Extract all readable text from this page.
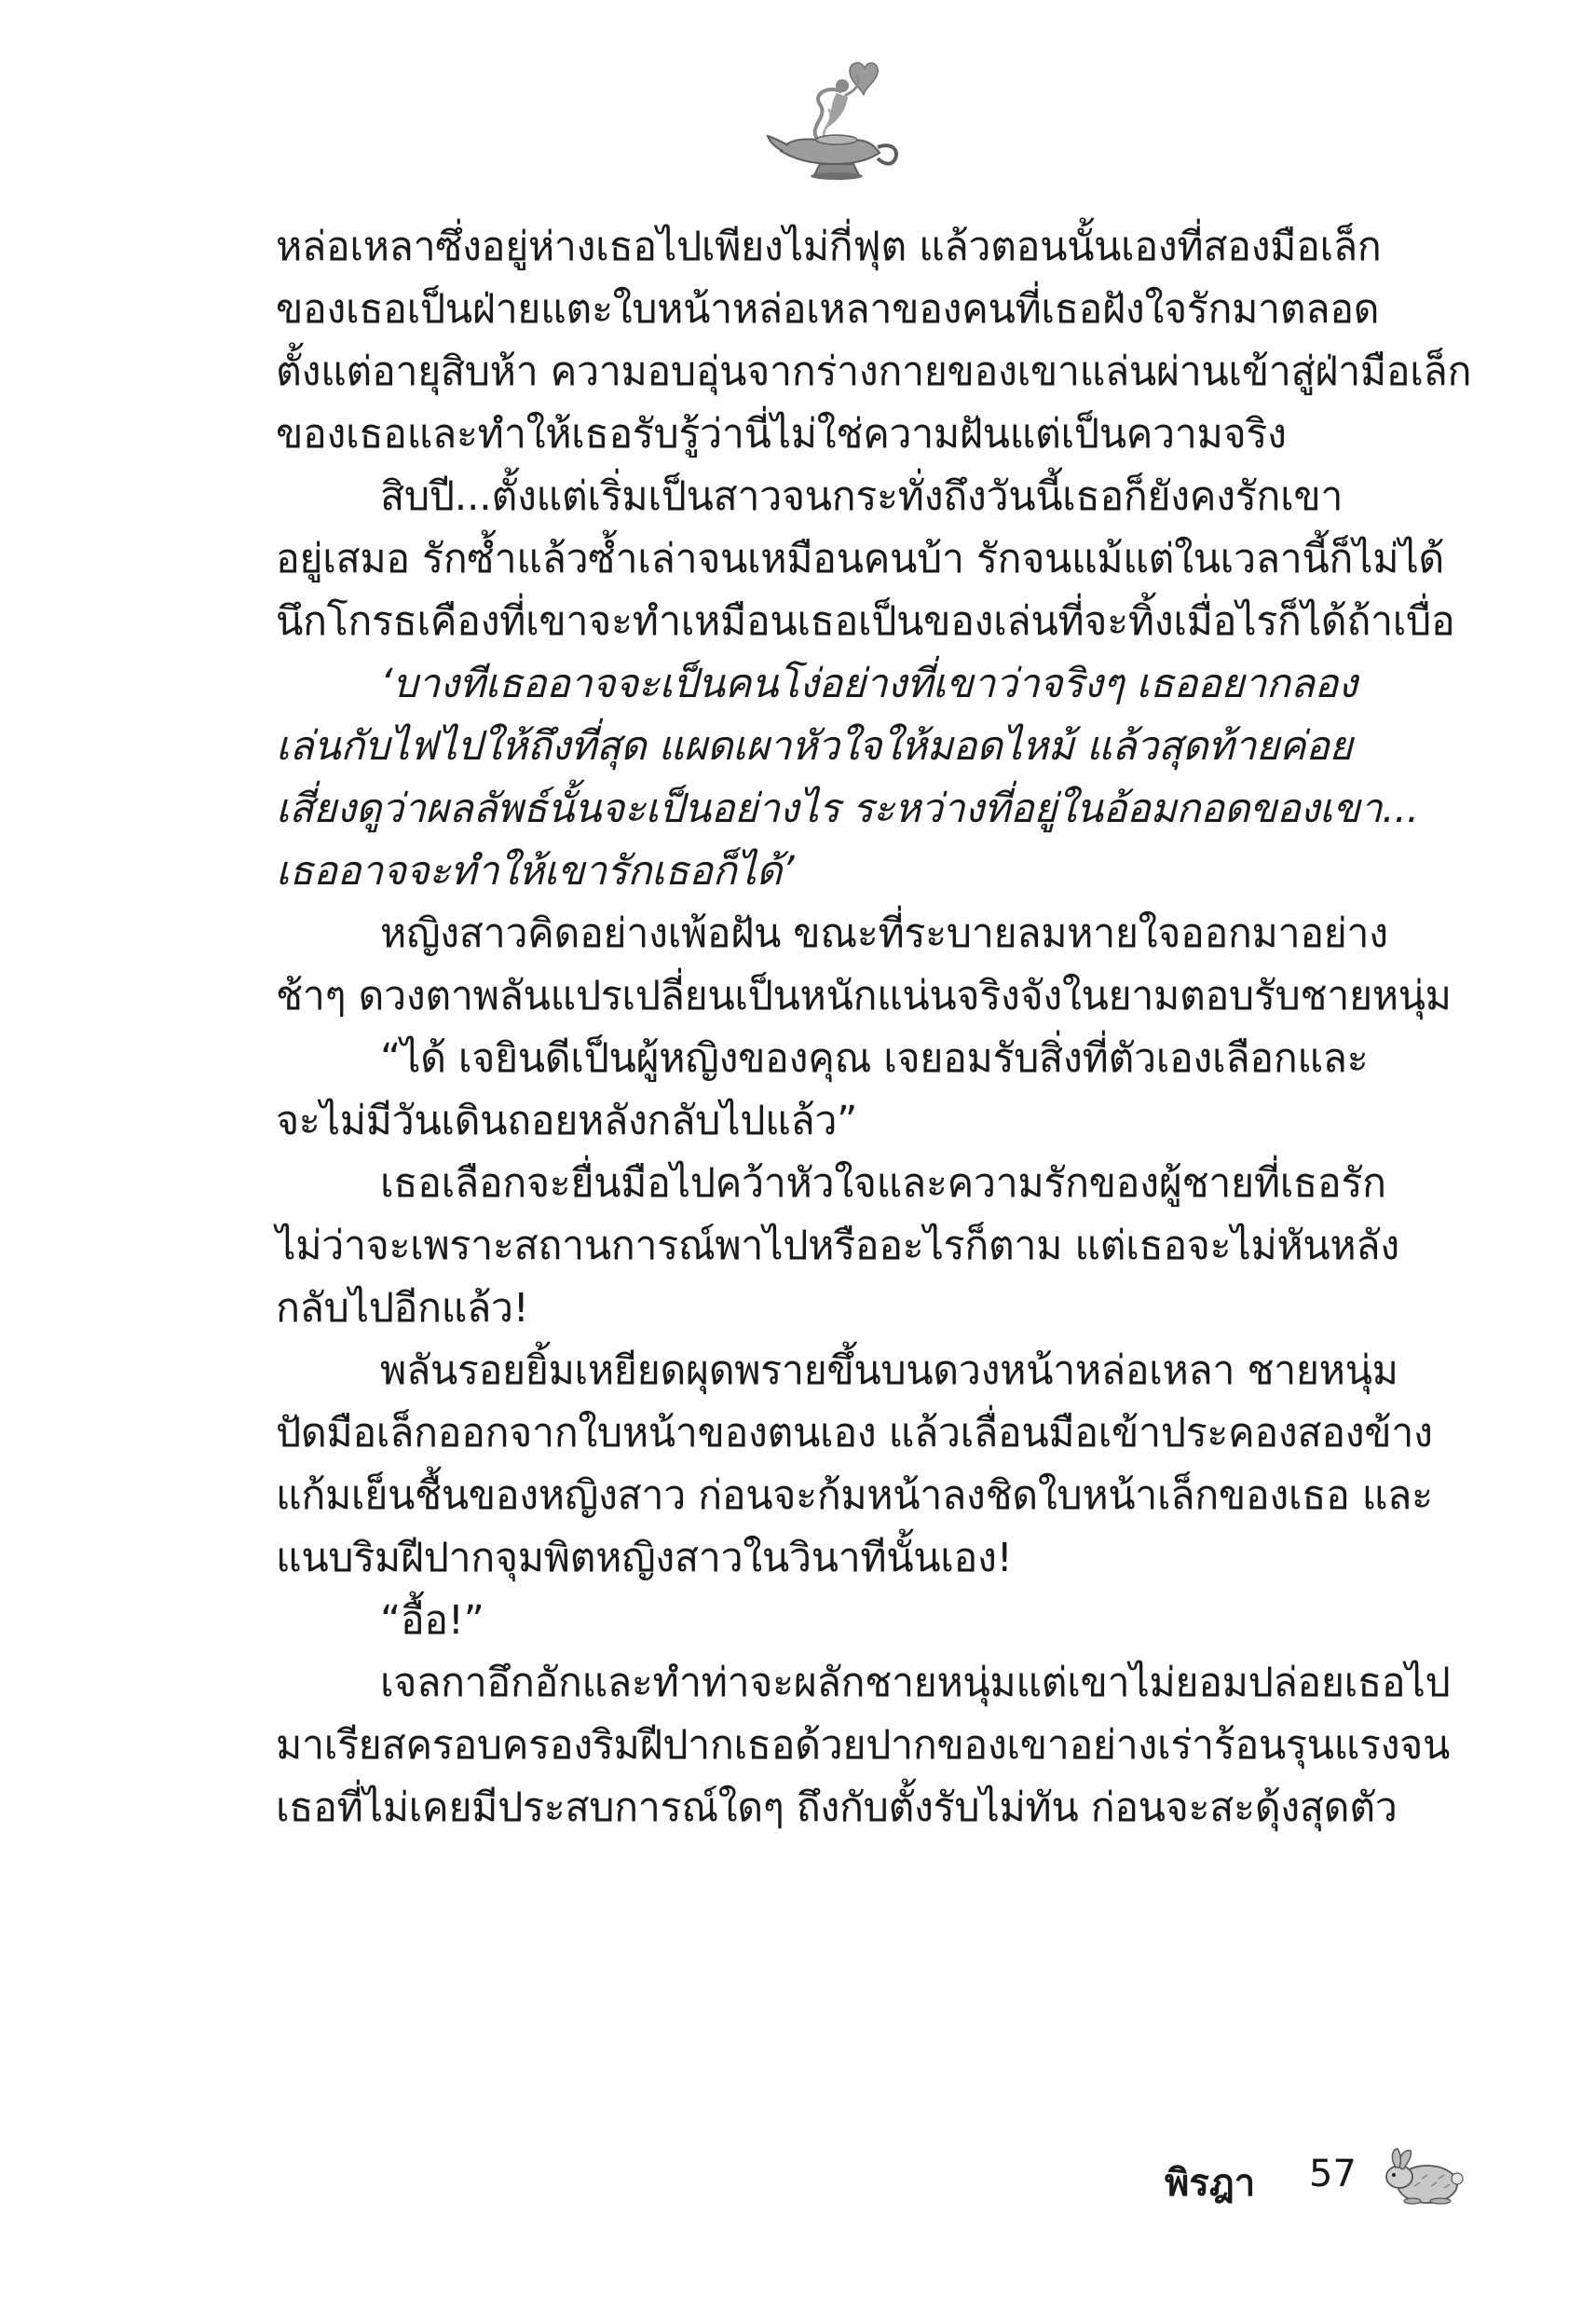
หล่อเหลาซึ่งอยู่ห่างเธอไปเพียงไม่กี่ฟุต แล้วตอนนั้นเองที่สองมือเล็ก
ของเธอเป็นฝ่ายแตะใบหน้าหล่อเหลาของคนที่เธอฝังใจรักมาตลอด
ตั้งแต่อายุสิบห้า ความอบอุ่นจากร่างกายของเขาแล่นผ่านเข้าสู่ฝ่ามือเล็ก
ของเธอและทำให้เธอรับรู้ว่านี่ไม่ใช่ความฝันแต่เป็นความจริง
สิบปี...ตั้งแต่เริ่มเป็นสาวจนกระทั่งถึงวันนี้เธอก็ยังคงรักเขา
อยู่เสมอ รักซ้ำแล้วซ้ำเล่าจนเหมือนคนบ้า รักจนแม้แต่ในเวลานี้ก็ไม่ได้
นึกโกรธเคืองที่เขาจะทำเหมือนเธอเป็นของเล่นที่จะทิ้งเมื่อไรก็ได้ถ้าเบื่อ
‘บางทีเธออาจจะเป็นคนโง่อย่างที่เขาว่าจริงๆ เธออยากลอง
เล่นกับไฟไปให้ถึงที่สุด แผดเผาหัวใจให้มอดไหม้ แล้วสุดท้ายค่อย
เสี่ยงดูว่าผลลัพธ์นั้นจะเป็นอย่างไร ระหว่างที่อยู่ในอ้อมกอดของเขา...
เธออาจจะทำให้เขารักเธอก็ได้’
หญิงสาวคิดอย่างเพ้อฝัน ขณะที่ระบายลมหายใจออกมาอย่าง
ช้าๆ ดวงตาพลันแปรเปลี่ยนเป็นหนักแน่นจริงจังในยามตอบรับชายหนุ่ม
“ได้ เจยินดีเป็นผู้หญิงของคุณ เจยอมรับสิ่งที่ตัวเองเลือกและ
จะไม่มีวันเดินถอยหลังกลับไปแล้ว”
เธอเลือกจะยื่นมือไปคว้าหัวใจและความรักของผู้ชายที่เธอรัก
ไม่ว่าจะเพราะสถานการณ์พาไปหรืออะไรก็ตาม แต่เธอจะไม่หันหลัง
กลับไปอีกแล้ว!
พลันรอยยิ้มเหยียดผุดพรายขึ้นบนดวงหน้าหล่อเหลา ชายหนุ่ม
ปัดมือเล็กออกจากใบหน้าของตนเอง แล้วเลื่อนมือเข้าประคองสองข้าง
แก้มเย็นชื้นของหญิงสาว ก่อนจะก้มหน้าลงชิดใบหน้าเล็กของเธอ และ
แนบริมฝีปากจุมพิตหญิงสาวในวินาทีนั้นเอง!
“อื้อ!”
เจลกาอึกอักและทำท่าจะผลักชายหนุ่มแต่เขาไม่ยอมปล่อยเธอไป
มาเรียสครอบครองริมฝีปากเธอด้วยปากของเขาอย่างเร่าร้อนรุนแรงจน
เธอที่ไม่เคยมีประสบการณ์ใดๆ ถึงกับตั้งรับไม่ทัน ก่อนจะสะดุ้งสุดตัว
พิรฎา 57
